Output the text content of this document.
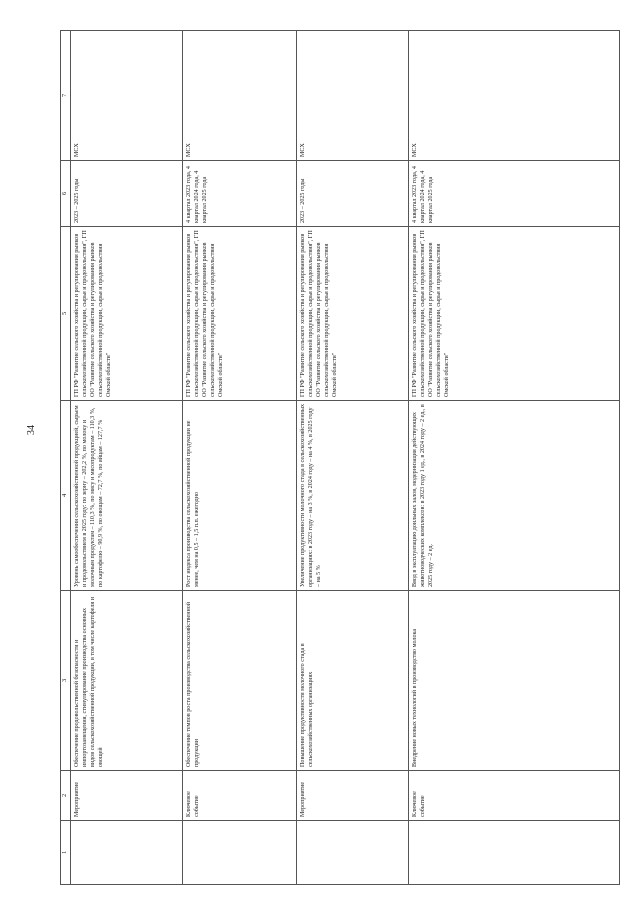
34
7
6
5
4
3
2
1
МСХ
2023 – 2025 годы
ГП РФ "Развитие сельского хозяйства и регулирования рынков сельскохозяйственной продукции, сырья и продовольствия", ГП ОО "Развитие сельского хозяйства и регулирования рынков сельскохозяйственной продукции, сырья и продовольствия Омской области"
Уровень самообеспечения сельскохозяйственной продукцией, сырьем и продовольствием в 2025 году: по зерну – 202,2 %, по молоку и молочным продуктам – 110,3 %, по мясу и мясопродуктам – 110,3 %, по картофелю – 90,9 %, по овощам – 72,7 %, по яйцам – 127,7 %
Обеспечение продовольственной безопасности и импортозамещения, стимулирование производства основных видов сельскохозяйственной продукции, в том числе картофеля и овощей
Мероприятие
МСХ
4 квартал 2023 года, 4 квартал 2024 года, 4 квартал 2025 года
ГП РФ "Развитие сельского хозяйства и регулирования рынков сельскохозяйственной продукции, сырья и продовольствия", ГП ОО "Развитие сельского хозяйства и регулирования рынков сельскохозяйственной продукции, сырья и продовольствия Омской области"
Рост индекса производства сельскохозяйственной продукции не менее, чем на 0,5 – 1,5 п.п. ежегодно
Обеспечение темпов роста производства сельскохозяйственной продукции
Ключевое событие
МСХ
2023 – 2025 годы
ГП РФ "Развитие сельского хозяйства и регулирования рынков сельскохозяйственной продукции, сырья и продовольствия", ГП ОО "Развитие сельского хозяйства и регулирования рынков сельскохозяйственной продукции, сырья и продовольствия Омской области"
Увеличение продуктивности молочного стада в сельскохозяйственных организациях: в 2023 году – на 3 %, в 2024 году – на 4 %, в 2025 году – на 5 %
Повышение продуктивности молочного стада в сельскохозяйственных организациях
Мероприятие
МСХ
4 квартал 2023 года, 4 квартал 2024 года, 4 квартал 2025 года
ГП РФ "Развитие сельского хозяйства и регулирования рынков сельскохозяйственной продукции, сырья и продовольствия", ГП ОО "Развитие сельского хозяйства и регулирования рынков сельскохозяйственной продукции, сырья и продовольствия Омской области"
Ввод в эксплуатацию доильных залов, модернизация действующих животноводческих комплексов: в 2023 году 1 ед., в 2024 году – 2 ед., в 2025 году – 2 ед.
Внедрение новых технологий в производство молока
Ключевое событие
